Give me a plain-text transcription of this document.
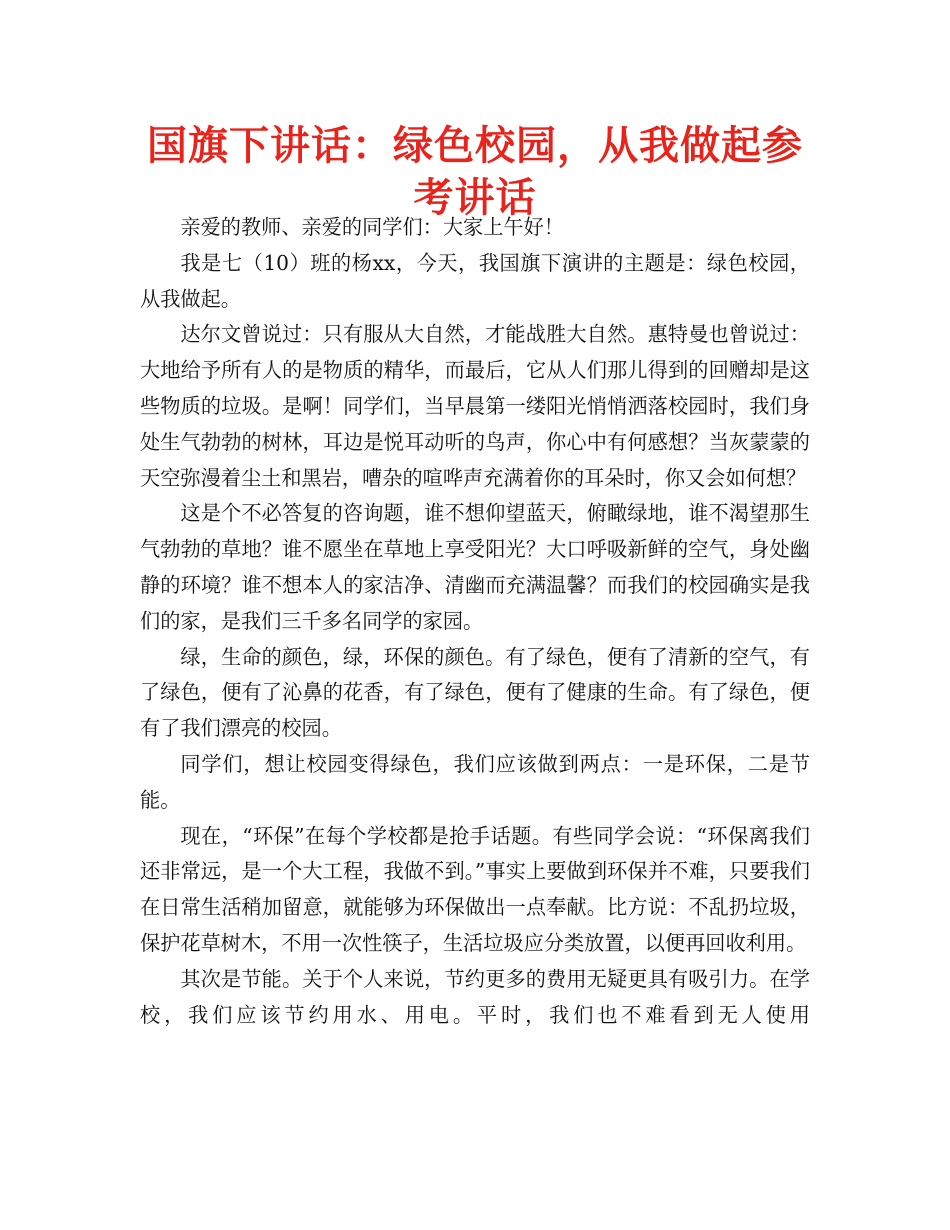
国旗下讲话：绿色校园，从我做起参考讲话

亲爱的教师、亲爱的同学们：大家上午好！

我是七（10）班的杨xx，今天，我国旗下演讲的主题是：绿色校园，从我做起。

达尔文曾说过：只有服从大自然，才能战胜大自然。惠特曼也曾说过：大地给予所有人的是物质的精华，而最后，它从人们那儿得到的回赠却是这些物质的垃圾。是啊！同学们，当早晨第一缕阳光悄悄洒落校园时，我们身处生气勃勃的树林，耳边是悦耳动听的鸟声，你心中有何感想？当灰蒙蒙的天空弥漫着尘土和黑岩，嘈杂的喧哗声充满着你的耳朵时，你又会如何想？

这是个不必答复的咨询题，谁不想仰望蓝天，俯瞰绿地，谁不渴望那生气勃勃的草地？谁不愿坐在草地上享受阳光？大口呼吸新鲜的空气，身处幽静的环境？谁不想本人的家洁净、清幽而充满温馨？而我们的校园确实是我们的家，是我们三千多名同学的家园。

绿，生命的颜色，绿，环保的颜色。有了绿色，便有了清新的空气，有了绿色，便有了沁鼻的花香，有了绿色，便有了健康的生命。有了绿色，便有了我们漂亮的校园。

同学们，想让校园变得绿色，我们应该做到两点：一是环保，二是节能。

现在，“环保”在每个学校都是抢手话题。有些同学会说：“环保离我们还非常远，是一个大工程，我做不到。”事实上要做到环保并不难，只要我们在日常生活稍加留意，就能够为环保做出一点奉献。比方说：不乱扔垃圾，保护花草树木，不用一次性筷子，生活垃圾应分类放置，以便再回收利用。

其次是节能。关于个人来说，节约更多的费用无疑更具有吸引力。在学校，我们应该节约用水、用电。平时，我们也不难看到无人使用
